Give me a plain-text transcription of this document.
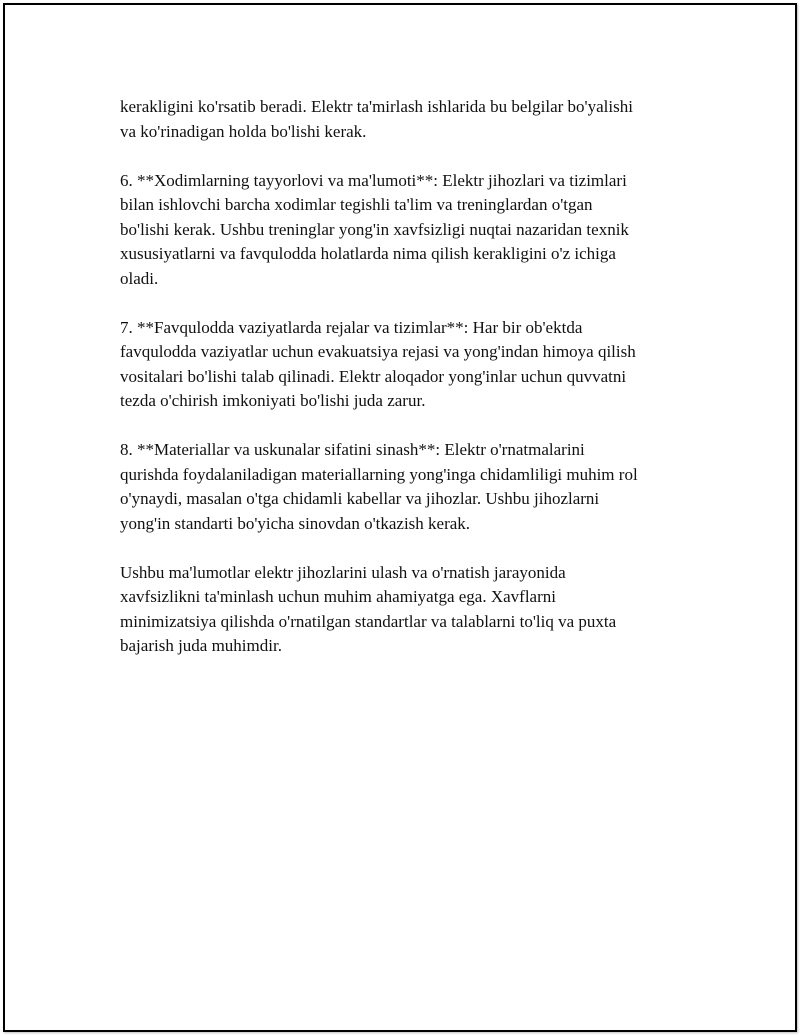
kerakligini ko'rsatib beradi. Elektr ta'mirlash ishlarida bu belgilar bo'yalishi
va ko'rinadigan holda bo'lishi kerak.

6. **Xodimlarning tayyorlovi va ma'lumoti**: Elektr jihozlari va tizimlari
bilan ishlovchi barcha xodimlar tegishli ta'lim va treninglardan o'tgan
bo'lishi kerak. Ushbu treninglar yong'in xavfsizligi nuqtai nazaridan texnik
xususiyatlarni va favqulodda holatlarda nima qilish kerakligini o'z ichiga
oladi.

7. **Favqulodda vaziyatlarda rejalar va tizimlar**: Har bir ob'ektda
favqulodda vaziyatlar uchun evakuatsiya rejasi va yong'indan himoya qilish
vositalari bo'lishi talab qilinadi. Elektr aloqador yong'inlar uchun quvvatni
tezda o'chirish imkoniyati bo'lishi juda zarur.

8. **Materiallar va uskunalar sifatini sinash**: Elektr o'rnatmalarini
qurishda foydalaniladigan materiallarning yong'inga chidamliligi muhim rol
o'ynaydi, masalan o'tga chidamli kabellar va jihozlar. Ushbu jihozlarni
yong'in standarti bo'yicha sinovdan o'tkazish kerak.

Ushbu ma'lumotlar elektr jihozlarini ulash va o'rnatish jarayonida
xavfsizlikni ta'minlash uchun muhim ahamiyatga ega. Xavflarni
minimizatsiya qilishda o'rnatilgan standartlar va talablarni to'liq va puxta
bajarish juda muhimdir.
